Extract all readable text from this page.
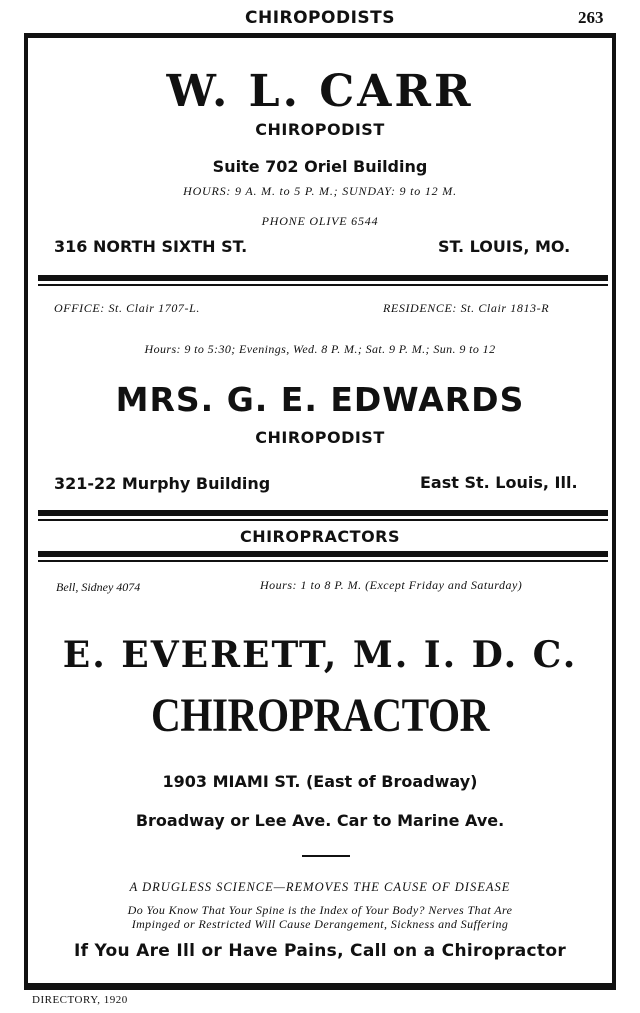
CHIROPODISTS	263
W. L. CARR
CHIROPODIST
Suite 702 Oriel Building
HOURS: 9 A. M. to 5 P. M.; SUNDAY: 9 to 12 M.
PHONE OLIVE 6544
316 NORTH SIXTH ST.	ST. LOUIS, MO.
OFFICE: St. Clair 1707-L.	RESIDENCE: St. Clair 1813-R
Hours: 9 to 5:30; Evenings, Wed. 8 P. M.; Sat. 9 P. M.; Sun. 9 to 12
MRS. G. E. EDWARDS
CHIROPODIST
321-22 Murphy Building	East St. Louis, Ill.
CHIROPRACTORS
Bell, Sidney 4074	Hours: 1 to 8 P. M. (Except Friday and Saturday)
E. EVERETT, M. I. D. C.
CHIROPRACTOR
1903 MIAMI ST. (East of Broadway)
Broadway or Lee Ave. Car to Marine Ave.
A DRUGLESS SCIENCE—REMOVES THE CAUSE OF DISEASE
Do You Know That Your Spine is the Index of Your Body? Nerves That Are
Impinged or Restricted Will Cause Derangement, Sickness and Suffering
If You Are Ill or Have Pains, Call on a Chiropractor
DIRECTORY, 1920
